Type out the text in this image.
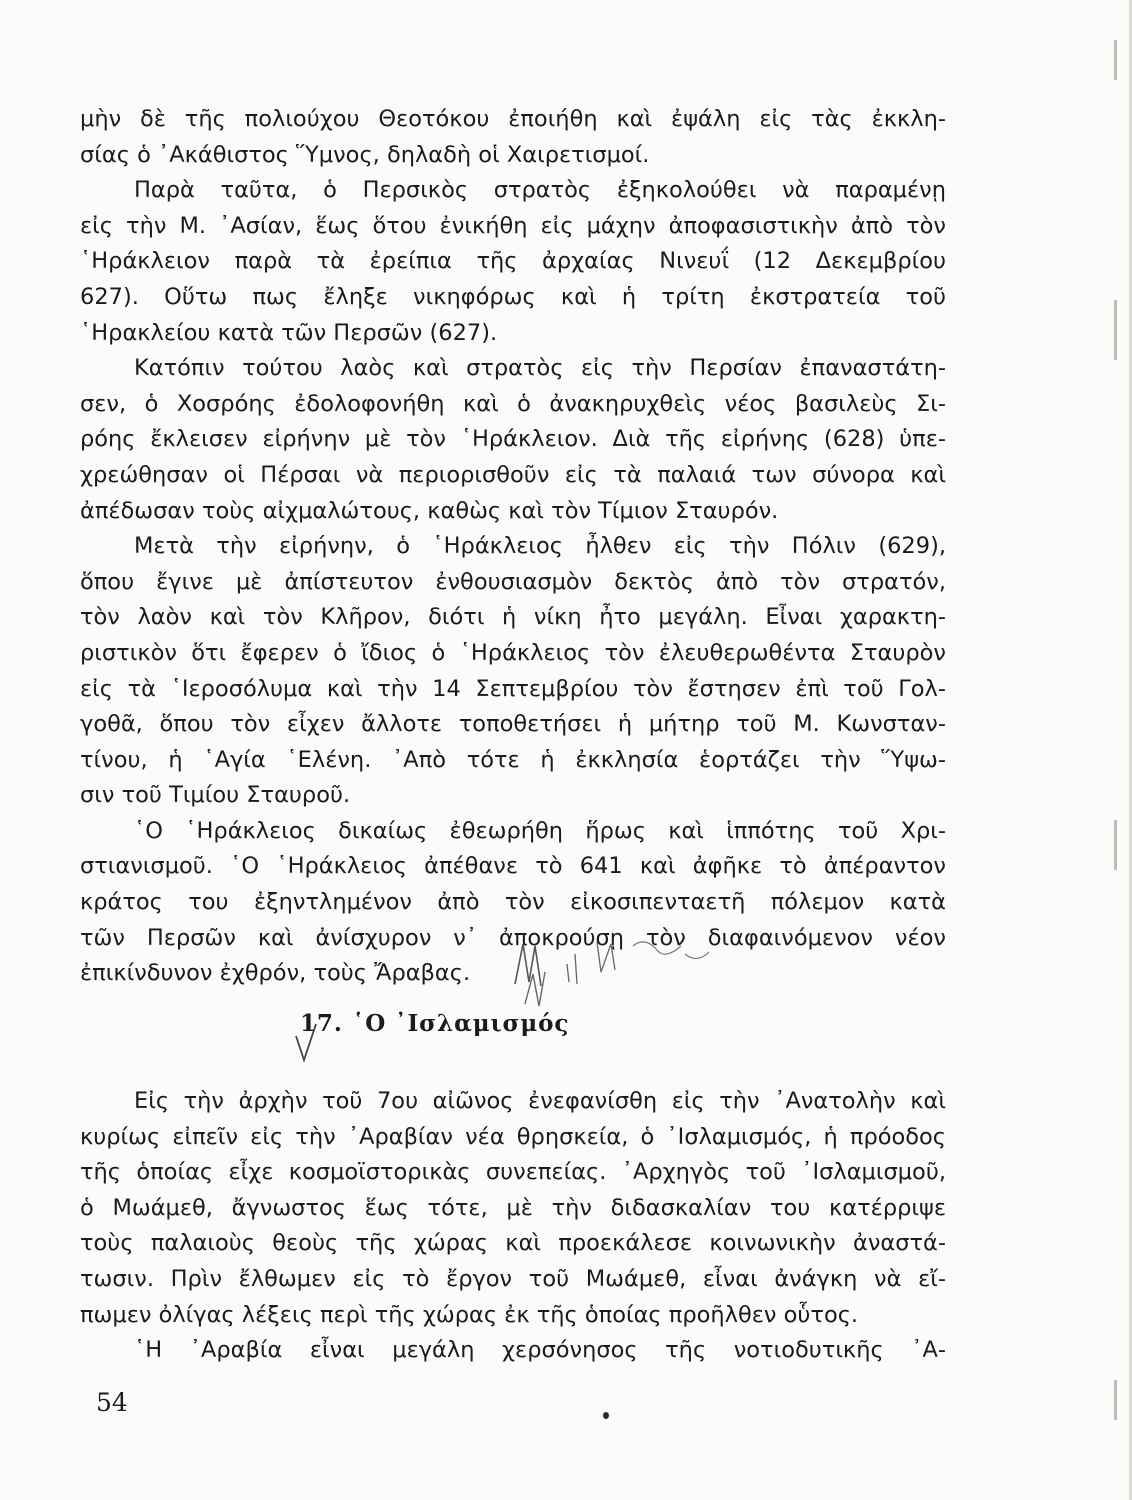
μὴν δὲ τῆς πολιούχου Θεοτόκου ἐποιήθη καὶ ἐψάλη εἰς τὰς ἐκκλη-
σίας ὁ ᾿Ακάθιστος Ὕμνος, δηλαδὴ οἱ Χαιρετισμοί.
Παρὰ ταῦτα, ὁ Περσικὸς στρατὸς ἐξηκολούθει νὰ παραμένῃ
εἰς τὴν Μ. ᾿Ασίαν, ἕως ὅτου ἐνικήθη εἰς μάχην ἀποφασιστικὴν ἀπὸ τὸν
῾Ηράκλειον παρὰ τὰ ἐρείπια τῆς ἀρχαίας Νινευΐ (12 Δεκεμβρίου
627). Οὕτω πως ἔληξε νικηφόρως καὶ ἡ τρίτη ἐκστρατεία τοῦ
῾Ηρακλείου κατὰ τῶν Περσῶν (627).
Κατόπιν τούτου λαὸς καὶ στρατὸς εἰς τὴν Περσίαν ἐπαναστάτη-
σεν, ὁ Χοσρόης ἐδολοφονήθη καὶ ὁ ἀνακηρυχθεὶς νέος βασιλεὺς Σι-
ρόης ἔκλεισεν εἰρήνην μὲ τὸν ῾Ηράκλειον. Διὰ τῆς εἰρήνης (628) ὑπε-
χρεώθησαν οἱ Πέρσαι νὰ περιορισθοῦν εἰς τὰ παλαιά των σύνορα καὶ
ἀπέδωσαν τοὺς αἰχμαλώτους, καθὼς καὶ τὸν Τίμιον Σταυρόν.
Μετὰ τὴν εἰρήνην, ὁ ῾Ηράκλειος ἦλθεν εἰς τὴν Πόλιν (629),
ὅπου ἔγινε μὲ ἀπίστευτον ἐνθουσιασμὸν δεκτὸς ἀπὸ τὸν στρατόν,
τὸν λαὸν καὶ τὸν Κλῆρον, διότι ἡ νίκη ἦτο μεγάλη. Εἶναι χαρακτη-
ριστικὸν ὅτι ἔφερεν ὁ ἴδιος ὁ ῾Ηράκλειος τὸν ἐλευθερωθέντα Σταυρὸν
εἰς τὰ ῾Ιεροσόλυμα καὶ τὴν 14 Σεπτεμβρίου τὸν ἔστησεν ἐπὶ τοῦ Γολ-
γοθᾶ, ὅπου τὸν εἶχεν ἄλλοτε τοποθετήσει ἡ μήτηρ τοῦ Μ. Κωνσταν-
τίνου, ἡ ῾Αγία ῾Ελένη. ᾿Απὸ τότε ἡ ἐκκλησία ἑορτάζει τὴν Ὕψω-
σιν τοῦ Τιμίου Σταυροῦ.
῾Ο ῾Ηράκλειος δικαίως ἐθεωρήθη ἥρως καὶ ἱππότης τοῦ Χρι-
στιανισμοῦ. ῾Ο ῾Ηράκλειος ἀπέθανε τὸ 641 καὶ ἀφῆκε τὸ ἀπέραντον
κράτος του ἐξηντλημένον ἀπὸ τὸν εἰκοσιπενταετῆ πόλεμον κατὰ
τῶν Περσῶν καὶ ἀνίσχυρον ν᾿ ἀποκρούσῃ τὸν διαφαινόμενον νέον
ἐπικίνδυνον ἐχθρόν, τοὺς Ἄραβας.
17. ῾Ο ᾿Ισλαμισμός
Εἰς τὴν ἀρχὴν τοῦ 7ου αἰῶνος ἐνεφανίσθη εἰς τὴν ᾿Ανατολὴν καὶ
κυρίως εἰπεῖν εἰς τὴν ᾿Αραβίαν νέα θρησκεία, ὁ ᾿Ισλαμισμός, ἡ πρόοδος
τῆς ὁποίας εἶχε κοσμοϊστορικὰς συνεπείας. ᾿Αρχηγὸς τοῦ ᾿Ισλαμισμοῦ,
ὁ Μωάμεθ, ἄγνωστος ἕως τότε, μὲ τὴν διδασκαλίαν του κατέρριψε
τοὺς παλαιοὺς θεοὺς τῆς χώρας καὶ προεκάλεσε κοινωνικὴν ἀναστά-
τωσιν. Πρὶν ἔλθωμεν εἰς τὸ ἔργον τοῦ Μωάμεθ, εἶναι ἀνάγκη νὰ εἴ-
πωμεν ὀλίγας λέξεις περὶ τῆς χώρας ἐκ τῆς ὁποίας προῆλθεν οὗτος.
῾Η ᾿Αραβία εἶναι μεγάλη χερσόνησος τῆς νοτιοδυτικῆς ᾿Α-
54
